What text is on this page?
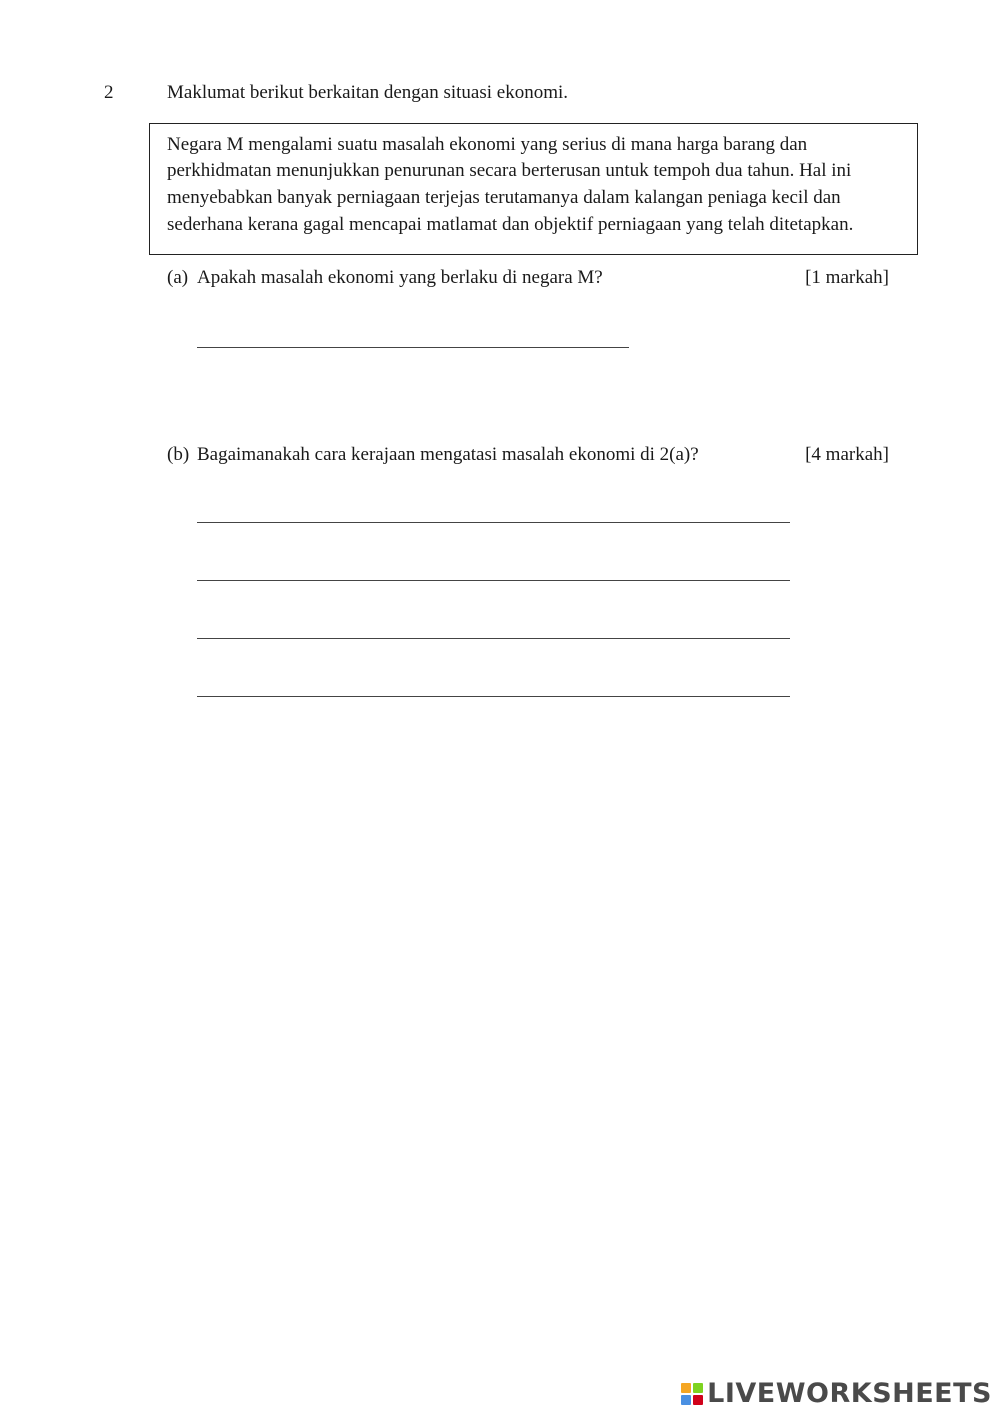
2	Maklumat berikut berkaitan dengan situasi ekonomi.
Negara M mengalami suatu masalah ekonomi yang serius di mana harga barang dan
perkhidmatan menunjukkan penurunan secara berterusan untuk tempoh dua tahun. Hal ini
menyebabkan banyak perniagaan terjejas terutamanya dalam kalangan peniaga kecil dan
sederhana kerana gagal mencapai matlamat dan objektif perniagaan yang telah ditetapkan.
(a) Apakah masalah ekonomi yang berlaku di negara M?	[1 markah]
(b) Bagaimanakah cara kerajaan mengatasi masalah ekonomi di 2(a)?	[4 markah]
LIVEWORKSHEETS
